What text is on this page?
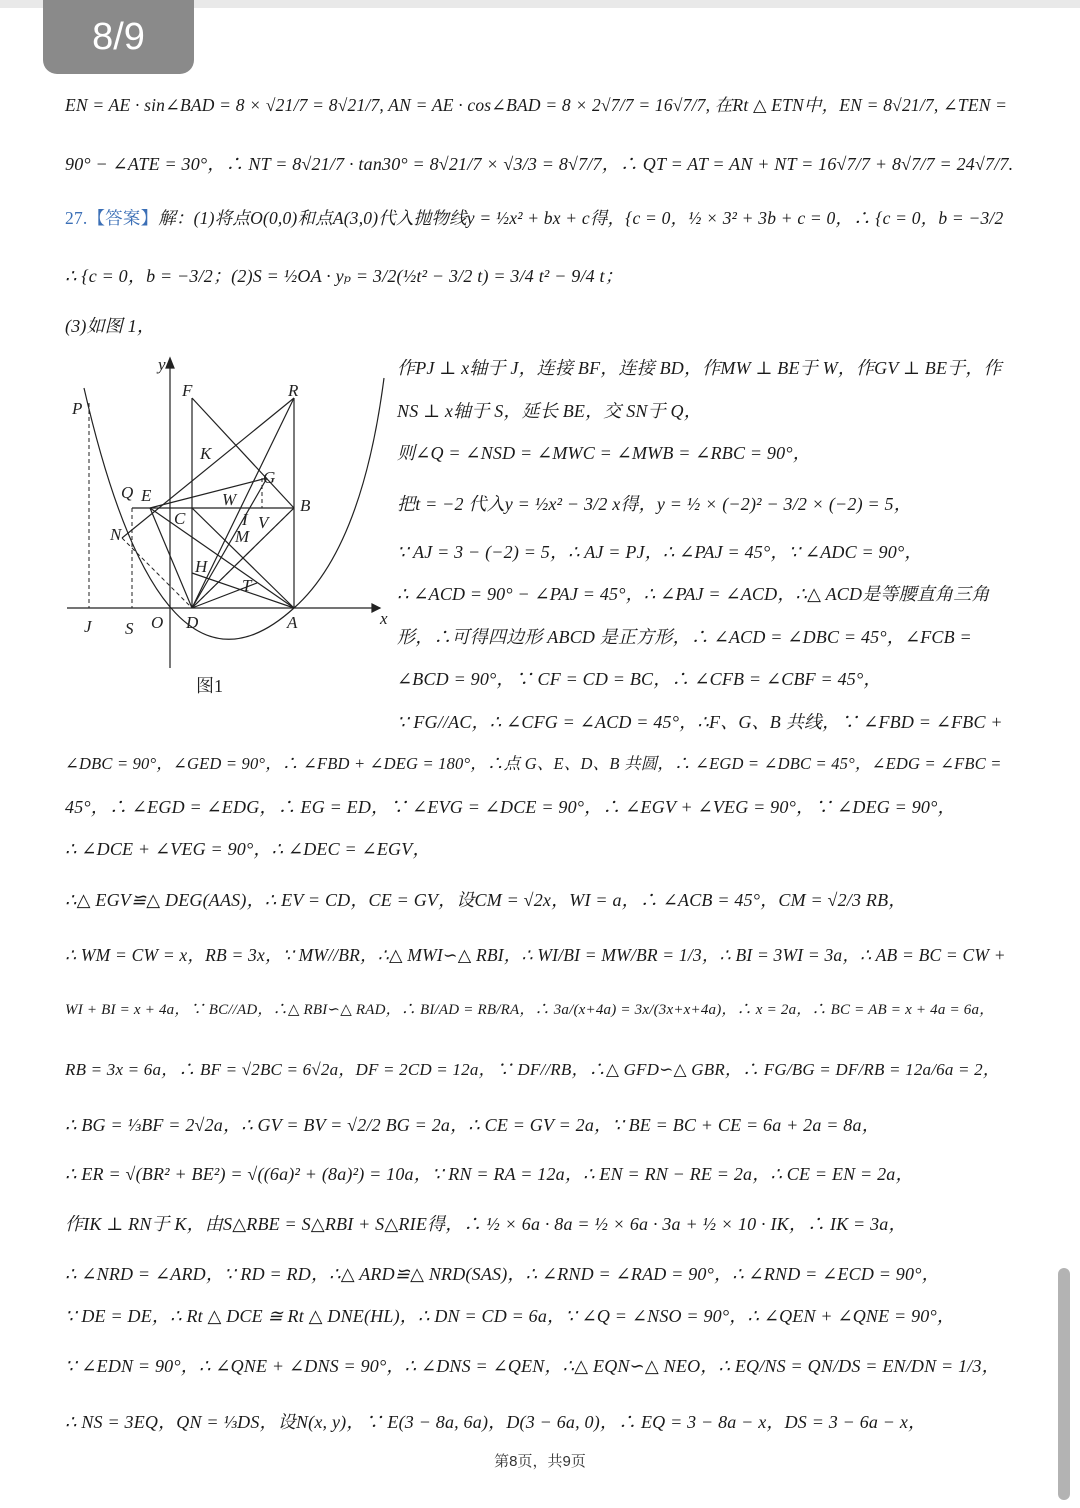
8/9
EN = AE · sin∠BAD = 8 × √21/7 = 8√21/7, AN = AE · cos∠BAD = 8 × 2√7/7 = 16√7/7, 在Rt △ ETN中，EN = 8√21/7, ∠TEN =
90° − ∠ATE = 30°，∴ NT = 8√21/7 · tan30° = 8√21/7 × √3/3 = 8√7/7，∴ QT = AT = AN + NT = 16√7/7 + 8√7/7 = 24√7/7.
27.【答案】解：(1)将点O(0,0)和点A(3,0)代入抛物线y = ½x² + bx + c得，{c = 0，½ × 3² + 3b + c = 0，∴ {c = 0，b = −3/2
∴ {c = 0，b = −3/2；(2)S = ½OA · yₚ = 3/2(½t² − 3/2 t) = 3/4 t² − 9/4 t；
(3)如图 1，
作PJ ⊥ x轴于 J，连接 BF，连接 BD，作MW ⊥ BE于 W，作GV ⊥ BE于，作
NS ⊥ x轴于 S，延长 BE，交 SN于 Q，
则∠Q = ∠NSD = ∠MWC = ∠MWB = ∠RBC = 90°，
把t = −2 代入y = ½x² − 3/2 x得，y = ½ × (−2)² − 3/2 × (−2) = 5，
∵ AJ = 3 − (−2) = 5，∴ AJ = PJ，∴ ∠PAJ = 45°，∵ ∠ADC = 90°，
∴ ∠ACD = 90° − ∠PAJ = 45°，∴ ∠PAJ = ∠ACD，∴△ ACD是等腰直角三角
形，∴可得四边形 ABCD 是正方形，∴ ∠ACD = ∠DBC = 45°，∠FCB =
∠BCD = 90°，∵ CF = CD = BC，∴ ∠CFB = ∠CBF = 45°，
∵ FG//AC，∴ ∠CFG = ∠ACD = 45°，∴F、G、B 共线，∵ ∠FBD = ∠FBC +
y
x
P
F	R
K
G
B
Q E	W
C	I V
M
N
H
T
J S O D	A
图1
∠DBC = 90°，∠GED = 90°，∴ ∠FBD + ∠DEG = 180°，∴点 G、E、D、B 共圆，∴ ∠EGD = ∠DBC = 45°，∠EDG = ∠FBC =
45°，∴ ∠EGD = ∠EDG，∴ EG = ED，∵ ∠EVG = ∠DCE = 90°，∴ ∠EGV + ∠VEG = 90°，∵ ∠DEG = 90°，
∴ ∠DCE + ∠VEG = 90°，∴ ∠DEC = ∠EGV，
∴△ EGV≌△ DEG(AAS)，∴ EV = CD，CE = GV，设CM = √2x，WI = a，∴ ∠ACB = 45°，CM = √2/3 RB，
∴ WM = CW = x，RB = 3x，∵ MW//BR，∴△ MWI∽△ RBI，∴ WI/BI = MW/BR = 1/3，∴ BI = 3WI = 3a，∴ AB = BC = CW +
WI + BI = x + 4a，∵ BC//AD，∴△ RBI∽△ RAD，∴ BI/AD = RB/RA，∴ 3a/(x+4a) = 3x/(3x+x+4a)，∴ x = 2a，∴ BC = AB = x + 4a = 6a，
RB = 3x = 6a，∴ BF = √2BC = 6√2a，DF = 2CD = 12a，∵ DF//RB，∴△ GFD∽△ GBR，∴ FG/BG = DF/RB = 12a/6a = 2，
∴ BG = ⅓BF = 2√2a，∴ GV = BV = √2/2 BG = 2a，∴ CE = GV = 2a，∵ BE = BC + CE = 6a + 2a = 8a，
∴ ER = √(BR² + BE²) = √((6a)² + (8a)²) = 10a，∵ RN = RA = 12a，∴ EN = RN − RE = 2a，∴ CE = EN = 2a，
作IK ⊥ RN于 K，由S△RBE = S△RBI + S△RIE得，∴ ½ × 6a · 8a = ½ × 6a · 3a + ½ × 10 · IK，∴ IK = 3a，
∴ ∠NRD = ∠ARD，∵ RD = RD，∴△ ARD≌△ NRD(SAS)，∴ ∠RND = ∠RAD = 90°，∴ ∠RND = ∠ECD = 90°，
∵ DE = DE，∴ Rt △ DCE ≅ Rt △ DNE(HL)，∴ DN = CD = 6a，∵ ∠Q = ∠NSO = 90°，∴ ∠QEN + ∠QNE = 90°，
∵ ∠EDN = 90°，∴ ∠QNE + ∠DNS = 90°，∴ ∠DNS = ∠QEN，∴△ EQN∽△ NEO，∴ EQ/NS = QN/DS = EN/DN = 1/3，
∴ NS = 3EQ，QN = ⅓DS，设N(x, y)，∵ E(3 − 8a, 6a)，D(3 − 6a, 0)，∴ EQ = 3 − 8a − x，DS = 3 − 6a − x，
第8页，共9页
